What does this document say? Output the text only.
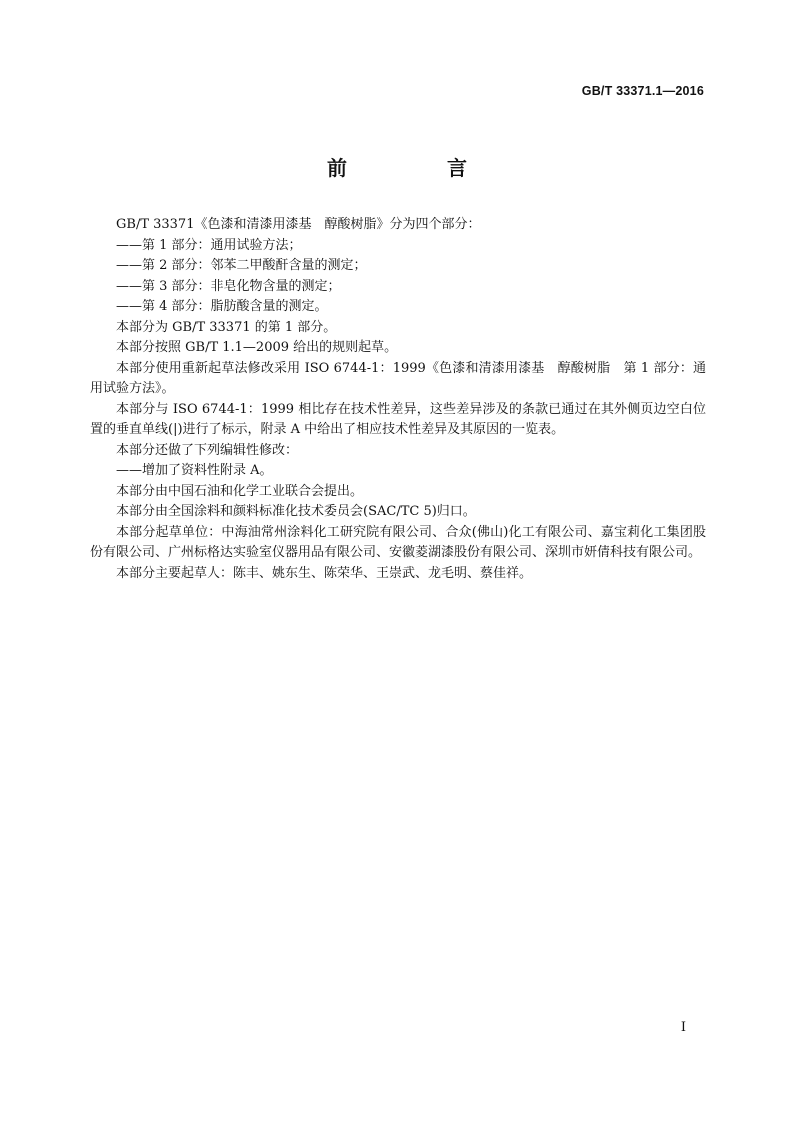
GB/T 33371.1—2016
前　言

GB/T 33371《色漆和清漆用漆基　醇酸树脂》分为四个部分：

——第 1 部分：通用试验方法；

——第 2 部分：邻苯二甲酸酐含量的测定；

——第 3 部分：非皂化物含量的测定；

——第 4 部分：脂肪酸含量的测定。

本部分为 GB/T 33371 的第 1 部分。

本部分按照 GB/T 1.1—2009 给出的规则起草。

本部分使用重新起草法修改采用 ISO 6744-1：1999《色漆和清漆用漆基　醇酸树脂　第 1 部分：通用试验方法》。

本部分与 ISO 6744-1：1999 相比存在技术性差异，这些差异涉及的条款已通过在其外侧页边空白位置的垂直单线(|)进行了标示，附录 A 中给出了相应技术性差异及其原因的一览表。

本部分还做了下列编辑性修改：

——增加了资料性附录 A。

本部分由中国石油和化学工业联合会提出。

本部分由全国涂料和颜料标准化技术委员会(SAC/TC 5)归口。

本部分起草单位：中海油常州涂料化工研究院有限公司、合众(佛山)化工有限公司、嘉宝莉化工集团股份有限公司、广州标格达实验室仪器用品有限公司、安徽菱湖漆股份有限公司、深圳市妍倩科技有限公司。

本部分主要起草人：陈丰、姚东生、陈荣华、王崇武、龙毛明、蔡佳祥。

I
